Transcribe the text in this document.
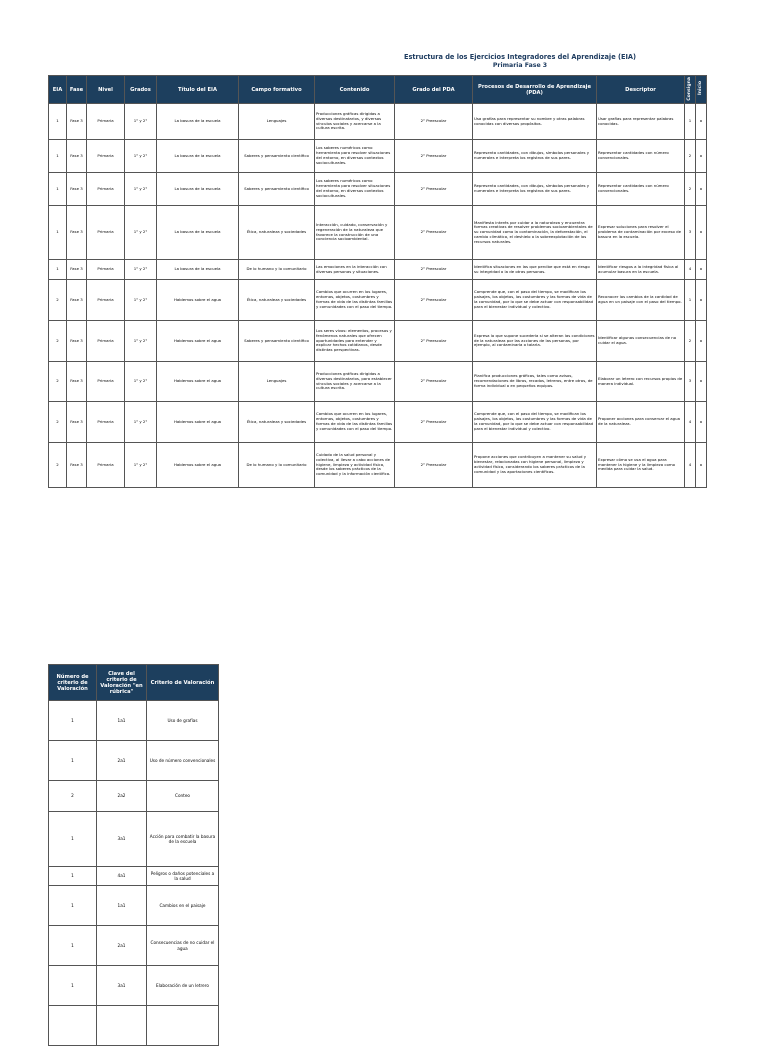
Estructura de los Ejercicios Integradores del Aprendizaje (EIA)
Primaria Fase 3
EIA	Fase	Nivel	Grados	Título del EIA	Campo formativo	Contenido	Grado del PDA	Procesos de Desarrollo de Aprendizaje (PDA)	Descriptor	Consigna	Inicio
1	Fase 3	Primaria	1° y 2°	La basura de la escuela	Lenguajes	Producciones gráficas dirigidas a diversos destinatarios, y diversos vínculos sociales y acercarse a la cultura escrita.	2° Preescolar	Usa grafías para representar su nombre y otras palabras conocidas con diversos propósitos.	Usar grafías para representar palabras conocidas.	1	a
1	Fase 3	Primaria	1° y 2°	La basura de la escuela	Saberes y pensamiento científico	Los saberes numéricos como herramienta para resolver situaciones del entorno, en diversos contextos socioculturales.	2° Preescolar	Representa cantidades, con dibujos, símbolos personales y numerales e interpreta los registros de sus pares.	Representar cantidades con número convencionales.	2	a
1	Fase 3	Primaria	1° y 2°	La basura de la escuela	Saberes y pensamiento científico	Los saberes numéricos como herramienta para resolver situaciones del entorno, en diversos contextos socioculturales.	2° Preescolar	Representa cantidades, con dibujos, símbolos personales y numerales e interpreta los registros de sus pares.	Representar cantidades con número convencionales.	2	a
1	Fase 3	Primaria	1° y 2°	La basura de la escuela	Ética, naturaleza y sociedades	Interacción, cuidado, conservación y regeneración de la naturaleza que favorece la construcción de una conciencia socioambiental.	2° Preescolar	Manifiesta interés por cuidar a la naturaleza y encuentra formas creativas de resolver problemas socioambientales de su comunidad como la contaminación, la deforestación, el cambio climático, el deshielo o la sobreexplotación de los recursos naturales.	Expresar soluciones para resolver el problema de contaminación por exceso de basura en la escuela.	3	a
1	Fase 3	Primaria	1° y 2°	La basura de la escuela	De lo humano y lo comunitario	Las emociones en la interacción con diversas personas y situaciones.	2° Preescolar	Identifica situaciones en las que percibe que está en riesgo su integridad o la de otras personas.	Identificar riesgos a la integridad física al acumular basura en la escuela.	4	a
2	Fase 3	Primaria	1° y 2°	Hablemos sobre el agua	Ética, naturaleza y sociedades	Cambios que ocurren en los lugares, entornos, objetos, costumbres y formas de vida de las distintas familias y comunidades con el paso del tiempo.	2° Preescolar	Comprende que, con el paso del tiempo, se modifican los paisajes, los objetos, las costumbres y las formas de vida de la comunidad, por lo que se debe actuar con responsabilidad para el bienestar individual y colectivo.	Reconocer los cambios de la cantidad de agua en un paisaje con el paso del tiempo.	1	a
2	Fase 3	Primaria	1° y 2°	Hablemos sobre el agua	Saberes y pensamiento científico	Los seres vivos: elementos, procesos y fenómenos naturales que ofrecen oportunidades para entender y explicar hechos cotidianos, desde distintas perspectivas.	2° Preescolar	Expresa lo que supone sucedería si se alteran las condiciones de la naturaleza por las acciones de las personas, por ejemplo, al contaminarla o talarla.	Identificar algunas consecuencias de no cuidar el agua.	2	a
2	Fase 3	Primaria	1° y 2°	Hablemos sobre el agua	Lenguajes	Producciones gráficas dirigidas a diversos destinatarios, para establecer vínculos sociales y acercarse a la cultura escrita.	2° Preescolar	Planifica producciones gráficas, tales como avisos, recomendaciones de libros, recados, letreros, entre otros, de forma individual o en pequeños equipos.	Elaborar un letrero con recursos propios de manera individual.	3	a
2	Fase 3	Primaria	1° y 2°	Hablemos sobre el agua	Ética, naturaleza y sociedades	Cambios que ocurren en los lugares, entornos, objetos, costumbres y formas de vida de las distintas familias y comunidades con el paso del tiempo.	2° Preescolar	Comprende que, con el paso del tiempo, se modifican los paisajes, los objetos, las costumbres y las formas de vida de la comunidad, por lo que se debe actuar con responsabilidad para el bienestar individual y colectivo.	Proponer acciones para conservar el agua de la naturaleza.	4	a
2	Fase 3	Primaria	1° y 2°	Hablemos sobre el agua	De lo humano y lo comunitario	Cuidado de la salud personal y colectiva, al llevar a cabo acciones de higiene, limpieza y actividad física, desde los saberes prácticos de la comunidad y la información científica.	2° Preescolar	Propone acciones que contribuyen a mantener su salud y bienestar, relacionadas con higiene personal, limpieza y actividad física, considerando los saberes prácticos de la comunidad y las aportaciones científicas.	Expresar cómo se usa el agua para mantener la higiene y la limpieza como medida para cuidar la salud.	4	a
Número de criterio de Valoración	Clave del criterio de Valoración "en rúbrica"	Criterio de Valoración
1	1a1	Uso de grafías
1	2a1	Uso de número convencionales
2	2a2	Conteo
1	3a1	Acción para combatir la basura de la escuela
1	4a1	Peligros o daños potenciales a la salud
1	1a1	Cambios en el paisaje
1	2a1	Consecuencias de no cuidar el agua
1	3a1	Elaboración de un letrero
